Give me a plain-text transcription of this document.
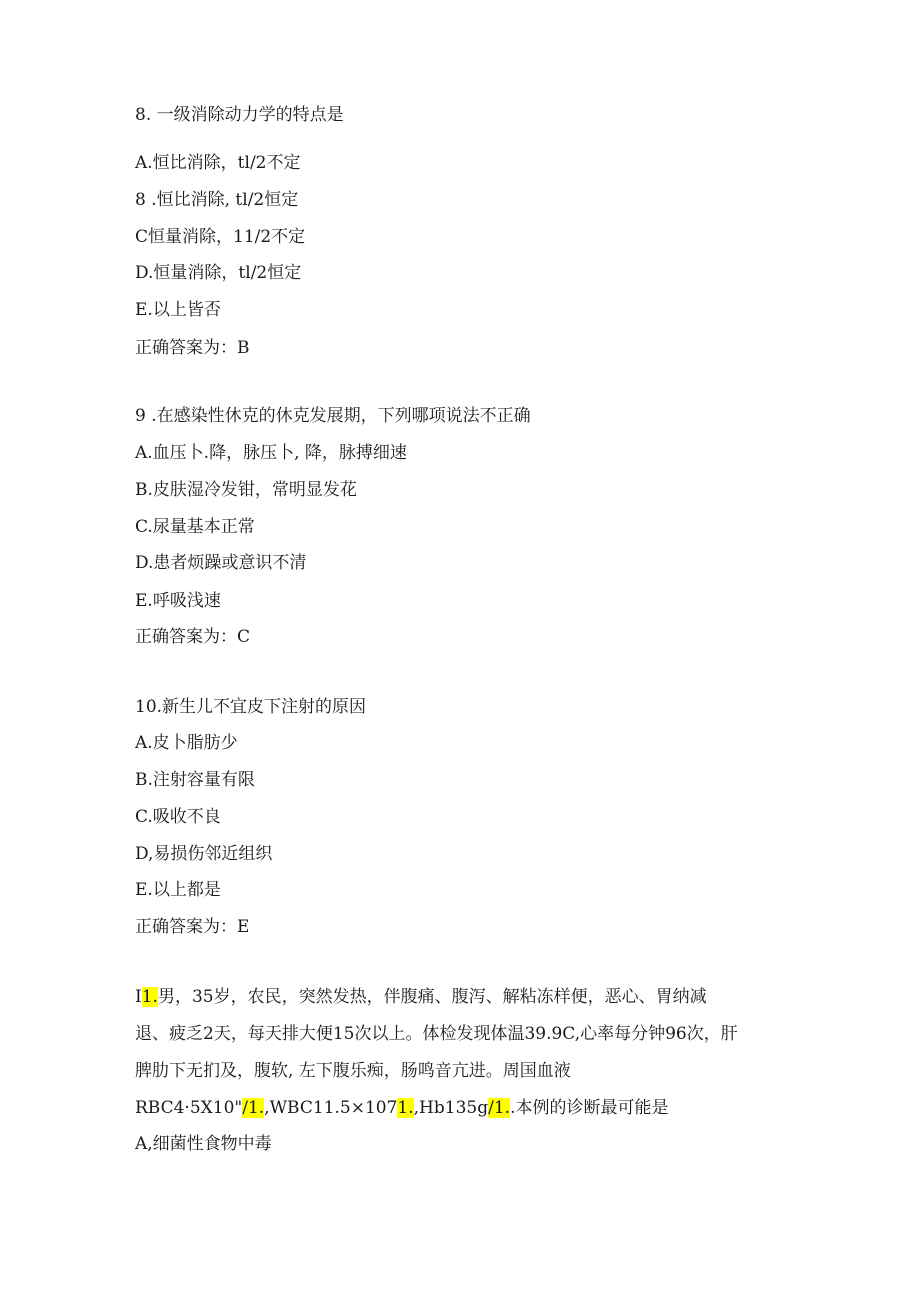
8. 一级消除动力学的特点是
A.恒比消除，tl/2不定
8 .恒比消除, tl/2恒定
C恒量消除，11/2不定
D.恒量消除，tl/2恒定
E.以上皆否
正确答案为：B
9 .在感染性休克的休克发展期，下列哪项说法不正确
A.血压卜.降，脉压卜, 降，脉搏细速
B.皮肤湿冷发钳，常明显发花
C.尿量基本正常
D.患者烦躁或意识不清
E.呼吸浅速
正确答案为：C
10.新生儿不宜皮下注射的原因
A.皮卜脂肪少
B.注射容量有限
C.吸收不良
D,易损伤邻近组织
E.以上都是
正确答案为：E
I1.男，35岁，农民，突然发热，伴腹痛、腹泻、解粘冻样便，恶心、胃纳减
退、疲乏2天，每天排大便15次以上。体检发现体温39.9C,心率每分钟96次，肝
脾肋下无扪及，腹软, 左下腹乐痴，肠鸣音亢进。周国血液
RBC4·5X10"/1.,WBC11.5×1071.,Hb135g/1..本例的诊断最可能是
A,细菌性食物中毒
